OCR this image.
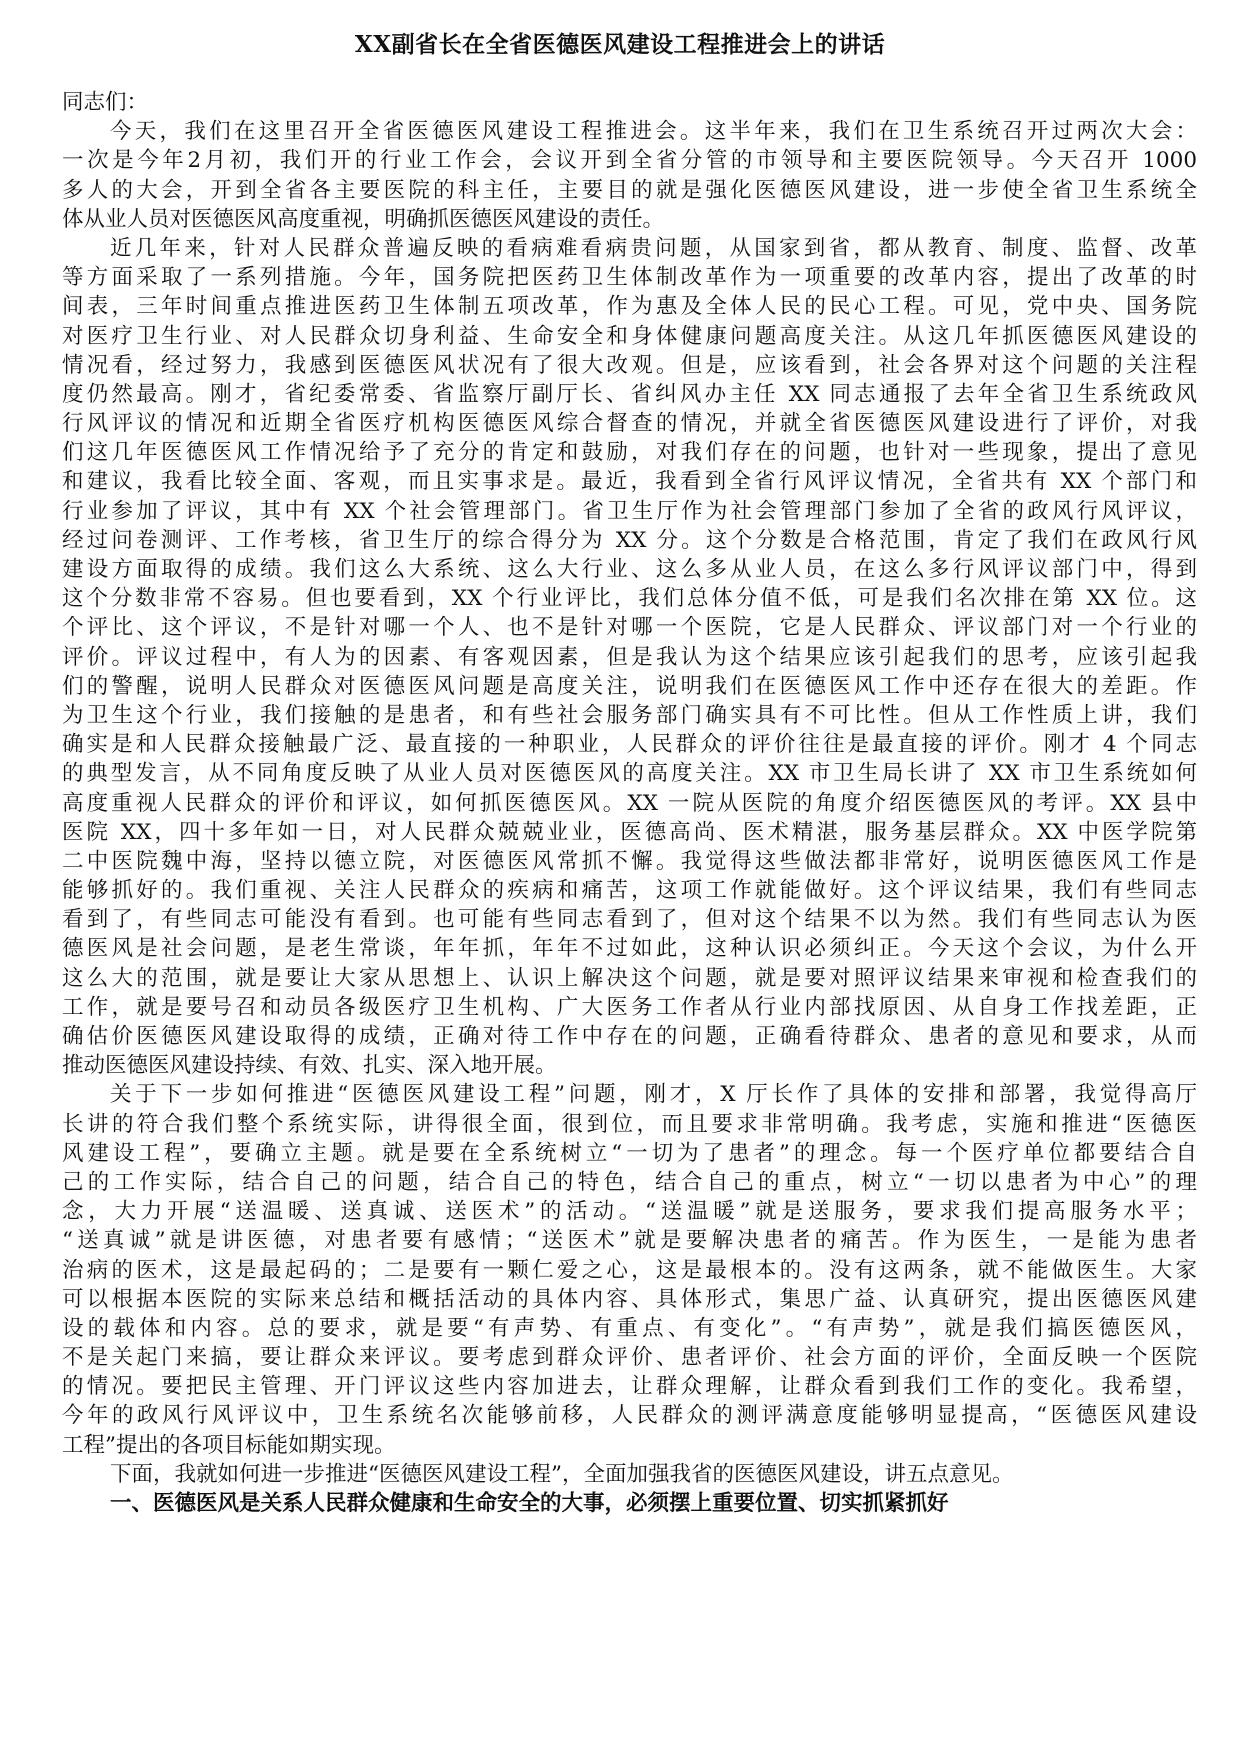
XX副省长在全省医德医风建设工程推进会上的讲话
同志们：
今天，我们在这里召开全省医德医风建设工程推进会。这半年来，我们在卫生系统召开过两次大会：
一次是今年2月初，我们开的行业工作会，会议开到全省分管的市领导和主要医院领导。今天召开 1000
多人的大会，开到全省各主要医院的科主任，主要目的就是强化医德医风建设，进一步使全省卫生系统全
体从业人员对医德医风高度重视，明确抓医德医风建设的责任。
近几年来，针对人民群众普遍反映的看病难看病贵问题，从国家到省，都从教育、制度、监督、改革
等方面采取了一系列措施。今年，国务院把医药卫生体制改革作为一项重要的改革内容，提出了改革的时
间表，三年时间重点推进医药卫生体制五项改革，作为惠及全体人民的民心工程。可见，党中央、国务院
对医疗卫生行业、对人民群众切身利益、生命安全和身体健康问题高度关注。从这几年抓医德医风建设的
情况看，经过努力，我感到医德医风状况有了很大改观。但是，应该看到，社会各界对这个问题的关注程
度仍然最高。刚才，省纪委常委、省监察厅副厅长、省纠风办主任 XX 同志通报了去年全省卫生系统政风
行风评议的情况和近期全省医疗机构医德医风综合督查的情况，并就全省医德医风建设进行了评价，对我
们这几年医德医风工作情况给予了充分的肯定和鼓励，对我们存在的问题，也针对一些现象，提出了意见
和建议，我看比较全面、客观，而且实事求是。最近，我看到全省行风评议情况，全省共有 XX 个部门和
行业参加了评议，其中有 XX 个社会管理部门。省卫生厅作为社会管理部门参加了全省的政风行风评议，
经过问卷测评、工作考核，省卫生厅的综合得分为 XX 分。这个分数是合格范围，肯定了我们在政风行风
建设方面取得的成绩。我们这么大系统、这么大行业、这么多从业人员，在这么多行风评议部门中，得到
这个分数非常不容易。但也要看到，XX 个行业评比，我们总体分值不低，可是我们名次排在第 XX 位。这
个评比、这个评议，不是针对哪一个人、也不是针对哪一个医院，它是人民群众、评议部门对一个行业的
评价。评议过程中，有人为的因素、有客观因素，但是我认为这个结果应该引起我们的思考，应该引起我
们的警醒，说明人民群众对医德医风问题是高度关注，说明我们在医德医风工作中还存在很大的差距。作
为卫生这个行业，我们接触的是患者，和有些社会服务部门确实具有不可比性。但从工作性质上讲，我们
确实是和人民群众接触最广泛、最直接的一种职业，人民群众的评价往往是最直接的评价。刚才 4 个同志
的典型发言，从不同角度反映了从业人员对医德医风的高度关注。XX 市卫生局长讲了 XX 市卫生系统如何
高度重视人民群众的评价和评议，如何抓医德医风。XX 一院从医院的角度介绍医德医风的考评。XX 县中
医院 XX，四十多年如一日，对人民群众兢兢业业，医德高尚、医术精湛，服务基层群众。XX 中医学院第
二中医院魏中海，坚持以德立院，对医德医风常抓不懈。我觉得这些做法都非常好，说明医德医风工作是
能够抓好的。我们重视、关注人民群众的疾病和痛苦，这项工作就能做好。这个评议结果，我们有些同志
看到了，有些同志可能没有看到。也可能有些同志看到了，但对这个结果不以为然。我们有些同志认为医
德医风是社会问题，是老生常谈，年年抓，年年不过如此，这种认识必须纠正。今天这个会议，为什么开
这么大的范围，就是要让大家从思想上、认识上解决这个问题，就是要对照评议结果来审视和检查我们的
工作，就是要号召和动员各级医疗卫生机构、广大医务工作者从行业内部找原因、从自身工作找差距，正
确估价医德医风建设取得的成绩，正确对待工作中存在的问题，正确看待群众、患者的意见和要求，从而
推动医德医风建设持续、有效、扎实、深入地开展。
关于下一步如何推进“医德医风建设工程”问题，刚才，X 厅长作了具体的安排和部署，我觉得高厅
长讲的符合我们整个系统实际，讲得很全面，很到位，而且要求非常明确。我考虑，实施和推进“医德医
风建设工程”，要确立主题。就是要在全系统树立“一切为了患者”的理念。每一个医疗单位都要结合自
己的工作实际，结合自己的问题，结合自己的特色，结合自己的重点，树立“一切以患者为中心”的理
念，大力开展“送温暖、送真诚、送医术”的活动。“送温暖”就是送服务，要求我们提高服务水平；
“送真诚”就是讲医德，对患者要有感情；“送医术”就是要解决患者的痛苦。作为医生，一是能为患者
治病的医术，这是最起码的；二是要有一颗仁爱之心，这是最根本的。没有这两条，就不能做医生。大家
可以根据本医院的实际来总结和概括活动的具体内容、具体形式，集思广益、认真研究，提出医德医风建
设的载体和内容。总的要求，就是要“有声势、有重点、有变化”。“有声势”，就是我们搞医德医风，
不是关起门来搞，要让群众来评议。要考虑到群众评价、患者评价、社会方面的评价，全面反映一个医院
的情况。要把民主管理、开门评议这些内容加进去，让群众理解，让群众看到我们工作的变化。我希望，
今年的政风行风评议中，卫生系统名次能够前移，人民群众的测评满意度能够明显提高，“医德医风建设
工程”提出的各项目标能如期实现。
下面，我就如何进一步推进“医德医风建设工程”，全面加强我省的医德医风建设，讲五点意见。
一、医德医风是关系人民群众健康和生命安全的大事，必须摆上重要位置、切实抓紧抓好
